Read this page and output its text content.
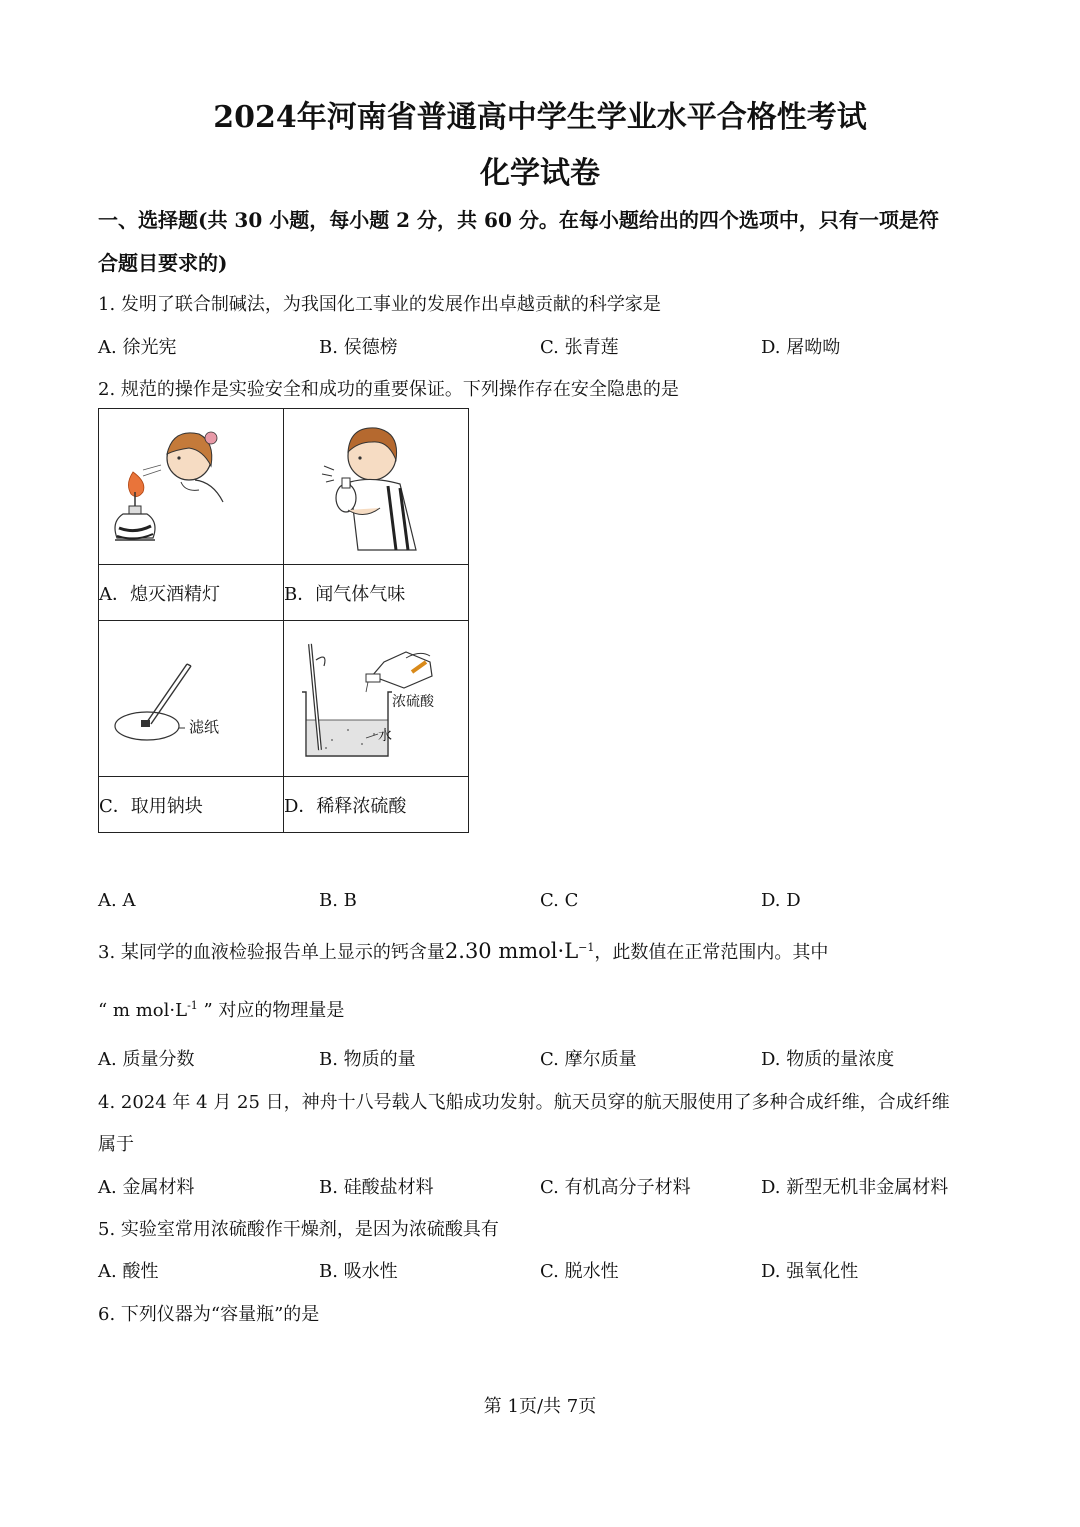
2024年河南省普通高中学生学业水平合格性考试
化学试卷
一、选择题(共 30 小题，每小题 2 分，共 60 分。在每小题给出的四个选项中，只有一项是符
合题目要求的)
1. 发明了联合制碱法，为我国化工事业的发展作出卓越贡献的科学家是
A. 徐光宪	B. 侯德榜	C. 张青莲	D. 屠呦呦
2. 规范的操作是实验安全和成功的重要保证。下列操作存在安全隐患的是

A．熄灭酒精灯	B．闻气体气味

滤纸	浓硫酸
水

C．取用钠块	D．稀释浓硫酸
A. A	B. B	C. C	D. D
3. 某同学的血液检验报告单上显示的钙含量2.30 $mmol\cdot L^{-1}$，此数值在正常范围内。其中
“ m $mol\cdot L^{-1}$ ” 对应的物理量是
A. 质量分数	B. 物质的量	C. 摩尔质量	D. 物质的量浓度
4. 2024 年 4 月 25 日，神舟十八号载人飞船成功发射。航天员穿的航天服使用了多种合成纤维，合成纤维
属于
A. 金属材料	B. 硅酸盐材料	C. 有机高分子材料	D. 新型无机非金属材料
5. 实验室常用浓硫酸作干燥剂，是因为浓硫酸具有
A. 酸性	B. 吸水性	C. 脱水性	D. 强氧化性
6. 下列仪器为“容量瓶”的是
第 1页/共 7页
